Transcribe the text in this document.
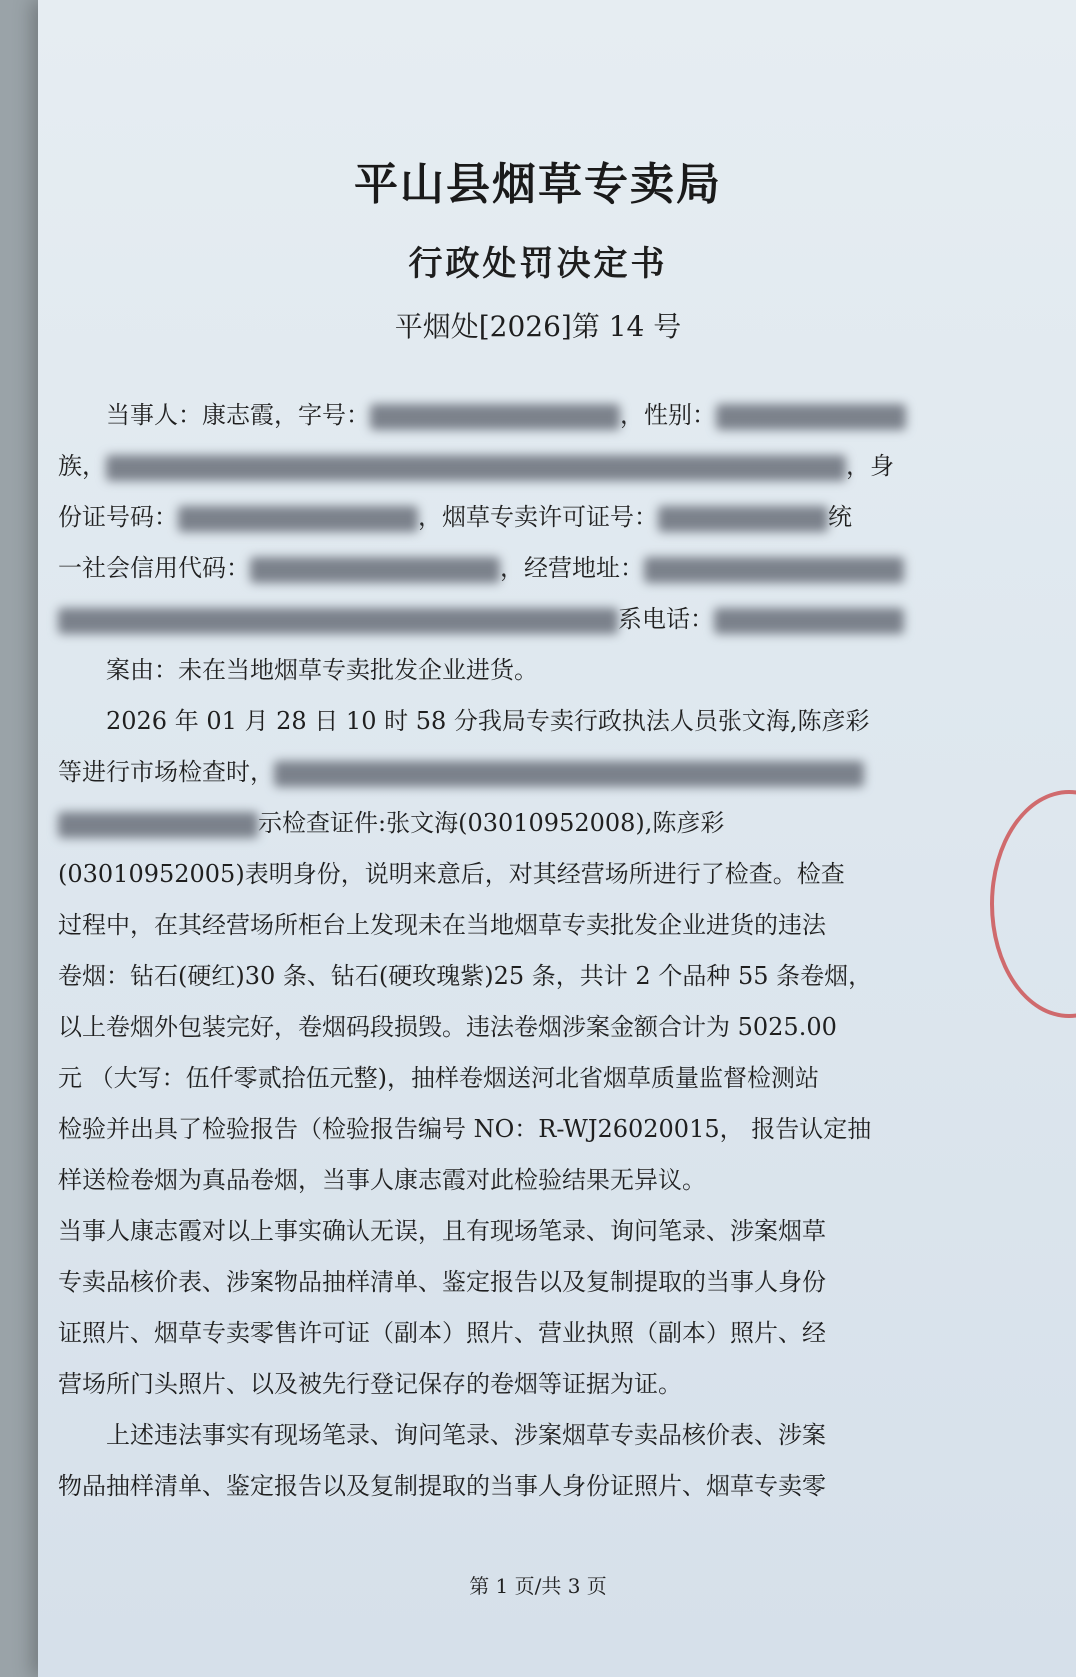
平山县烟草专卖局
行政处罚决定书
平烟处[2026]第 14 号

当事人：康志霞，字号：	，性别：

族，	，身

份证号码：	，烟草专卖许可证号：	统

一社会信用代码：	，经营地址：

系电话：

案由：未在当地烟草专卖批发企业进货。

2026 年 01 月 28 日 10 时 58 分我局专卖行政执法人员张文海,陈彦彩

等进行市场检查时，

示检查证件:张文海(03010952008),陈彦彩

(03010952005)表明身份，说明来意后，对其经营场所进行了检查。检查

过程中，在其经营场所柜台上发现未在当地烟草专卖批发企业进货的违法

卷烟：钻石(硬红)30 条、钻石(硬玫瑰紫)25 条，共计 2 个品种 55 条卷烟，

以上卷烟外包装完好，卷烟码段损毁。违法卷烟涉案金额合计为 5025.00

元 （大写：伍仟零贰拾伍元整)，抽样卷烟送河北省烟草质量监督检测站

检验并出具了检验报告（检验报告编号 NO：R-WJ26020015， 报告认定抽

样送检卷烟为真品卷烟，当事人康志霞对此检验结果无异议。

当事人康志霞对以上事实确认无误，且有现场笔录、询问笔录、涉案烟草

专卖品核价表、涉案物品抽样清单、鉴定报告以及复制提取的当事人身份

证照片、烟草专卖零售许可证（副本）照片、营业执照（副本）照片、经

营场所门头照片、以及被先行登记保存的卷烟等证据为证。

上述违法事实有现场笔录、询问笔录、涉案烟草专卖品核价表、涉案

物品抽样清单、鉴定报告以及复制提取的当事人身份证照片、烟草专卖零

第 1 页/共 3 页
